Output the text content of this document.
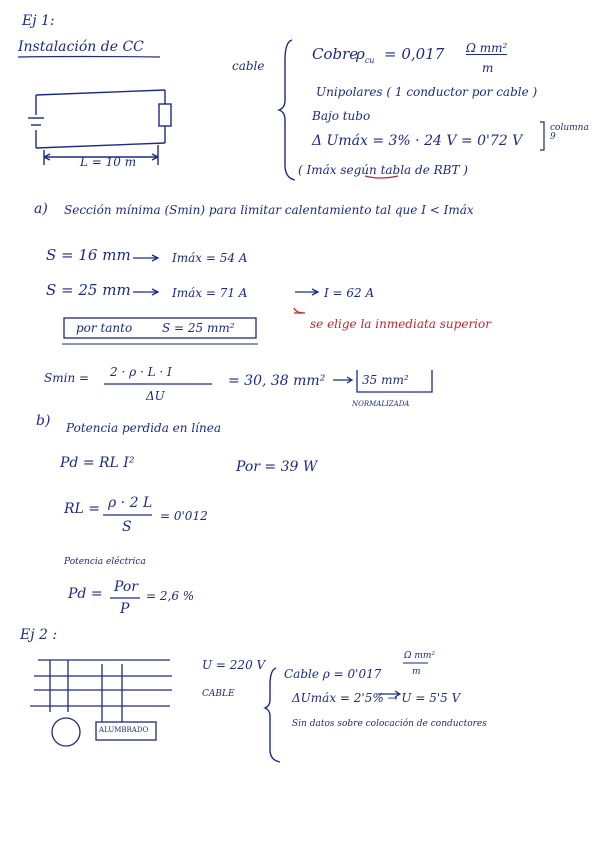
Ej 1:
Instalación de CC
L = 10 m
cable
Cobre
$\rho_{cu} = 0,017$ Ω mm²
m
Unipolares ( 1 conductor por cable )
Bajo tubo
Δ Umáx = 3% · 24 V = 0'72 V
columna 9
( Imáx según tabla de RBT )
a) Sección mínima (Smin) para limitar calentamiento tal que I < Imáx
S = 16 mm	Imáx = 54 A
S = 25 mm	Imáx = 71 A	I = 62 A
se elige la inmediata superior
por tanto S = 25 mm²
Smin = 2 · ρ · L · I
ΔU
= 30, 38 mm²	35 mm²
NORMALIZADA
b) Potencia perdida en línea
Pd = RL I²	Por = 39 W
RL = ρ · 2 L
S
= 0'012
Potencia eléctrica
Pd = Por
P
= 2,6 %
Ej 2 :
U = 220 V
CABLE
ALUMBRADO
Cable ρ = 0'017
Ω mm²
m
ΔUmáx = 2'5% → U = 5'5 V
Sin datos sobre colocación de conductores
